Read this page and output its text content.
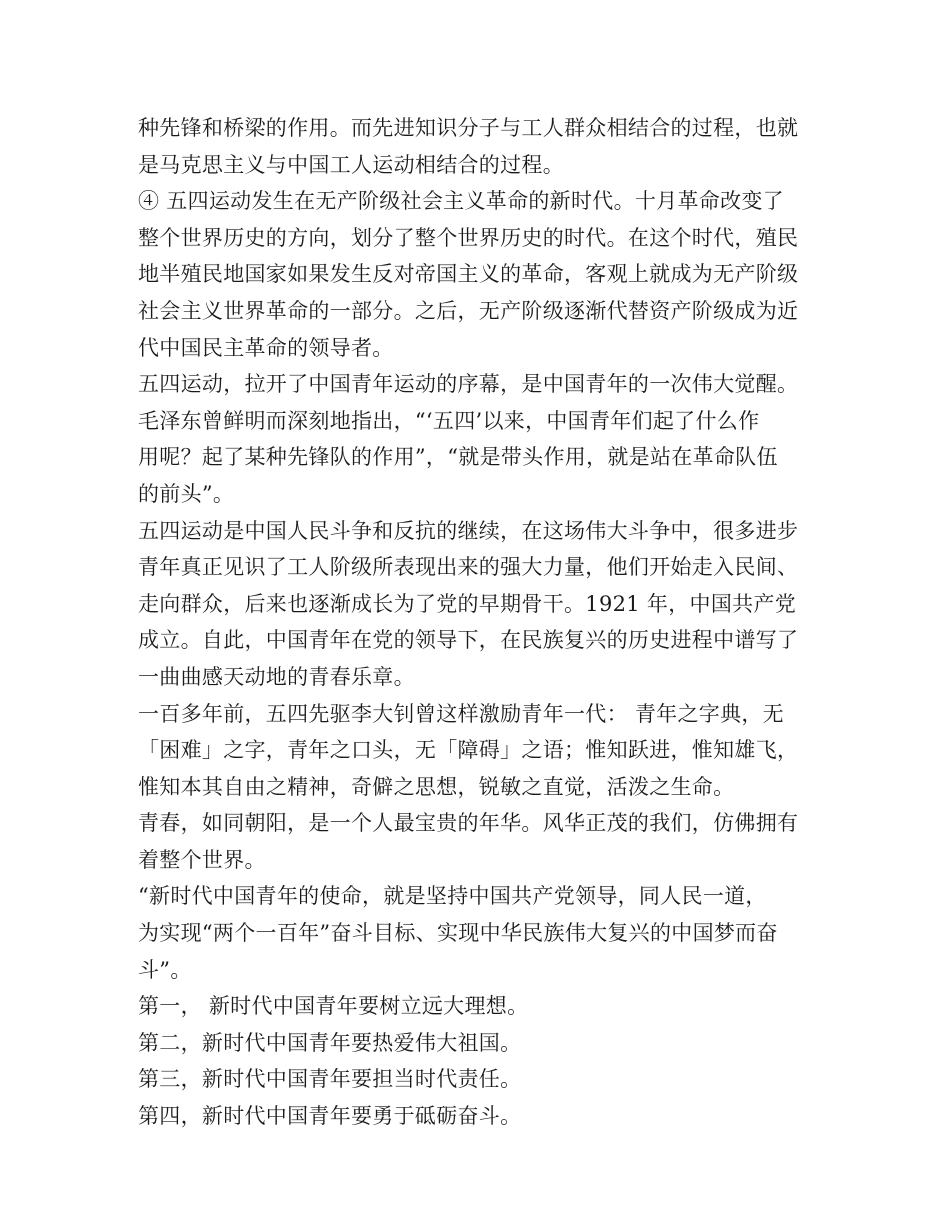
种先锋和桥梁的作用。而先进知识分子与工人群众相结合的过程，也就
是马克思主义与中国工人运动相结合的过程。
④ 五四运动发生在无产阶级社会主义革命的新时代。十月革命改变了
整个世界历史的方向，划分了整个世界历史的时代。在这个时代，殖民
地半殖民地国家如果发生反对帝国主义的革命，客观上就成为无产阶级
社会主义世界革命的一部分。之后，无产阶级逐渐代替资产阶级成为近
代中国民主革命的领导者。
五四运动，拉开了中国青年运动的序幕，是中国青年的一次伟大觉醒。
毛泽东曾鲜明而深刻地指出，“‘五四’以来，中国青年们起了什么作
用呢？起了某种先锋队的作用”，“就是带头作用，就是站在革命队伍
的前头”。
五四运动是中国人民斗争和反抗的继续，在这场伟大斗争中，很多进步
青年真正见识了工人阶级所表现出来的强大力量，他们开始走入民间、
走向群众，后来也逐渐成长为了党的早期骨干。1921 年，中国共产党
成立。自此，中国青年在党的领导下，在民族复兴的历史进程中谱写了
一曲曲感天动地的青春乐章。
一百多年前，五四先驱李大钊曾这样激励青年一代： 青年之字典，无
「困难」之字，青年之口头，无「障碍」之语；惟知跃进，惟知雄飞，
惟知本其自由之精神，奇僻之思想，锐敏之直觉，活泼之生命。
青春，如同朝阳，是一个人最宝贵的年华。风华正茂的我们，仿佛拥有
着整个世界。
“新时代中国青年的使命，就是坚持中国共产党领导，同人民一道，
为实现“两个一百年”奋斗目标、实现中华民族伟大复兴的中国梦而奋
斗”。
第一， 新时代中国青年要树立远大理想。
第二，新时代中国青年要热爱伟大祖国。
第三，新时代中国青年要担当时代责任。
第四，新时代中国青年要勇于砥砺奋斗。
